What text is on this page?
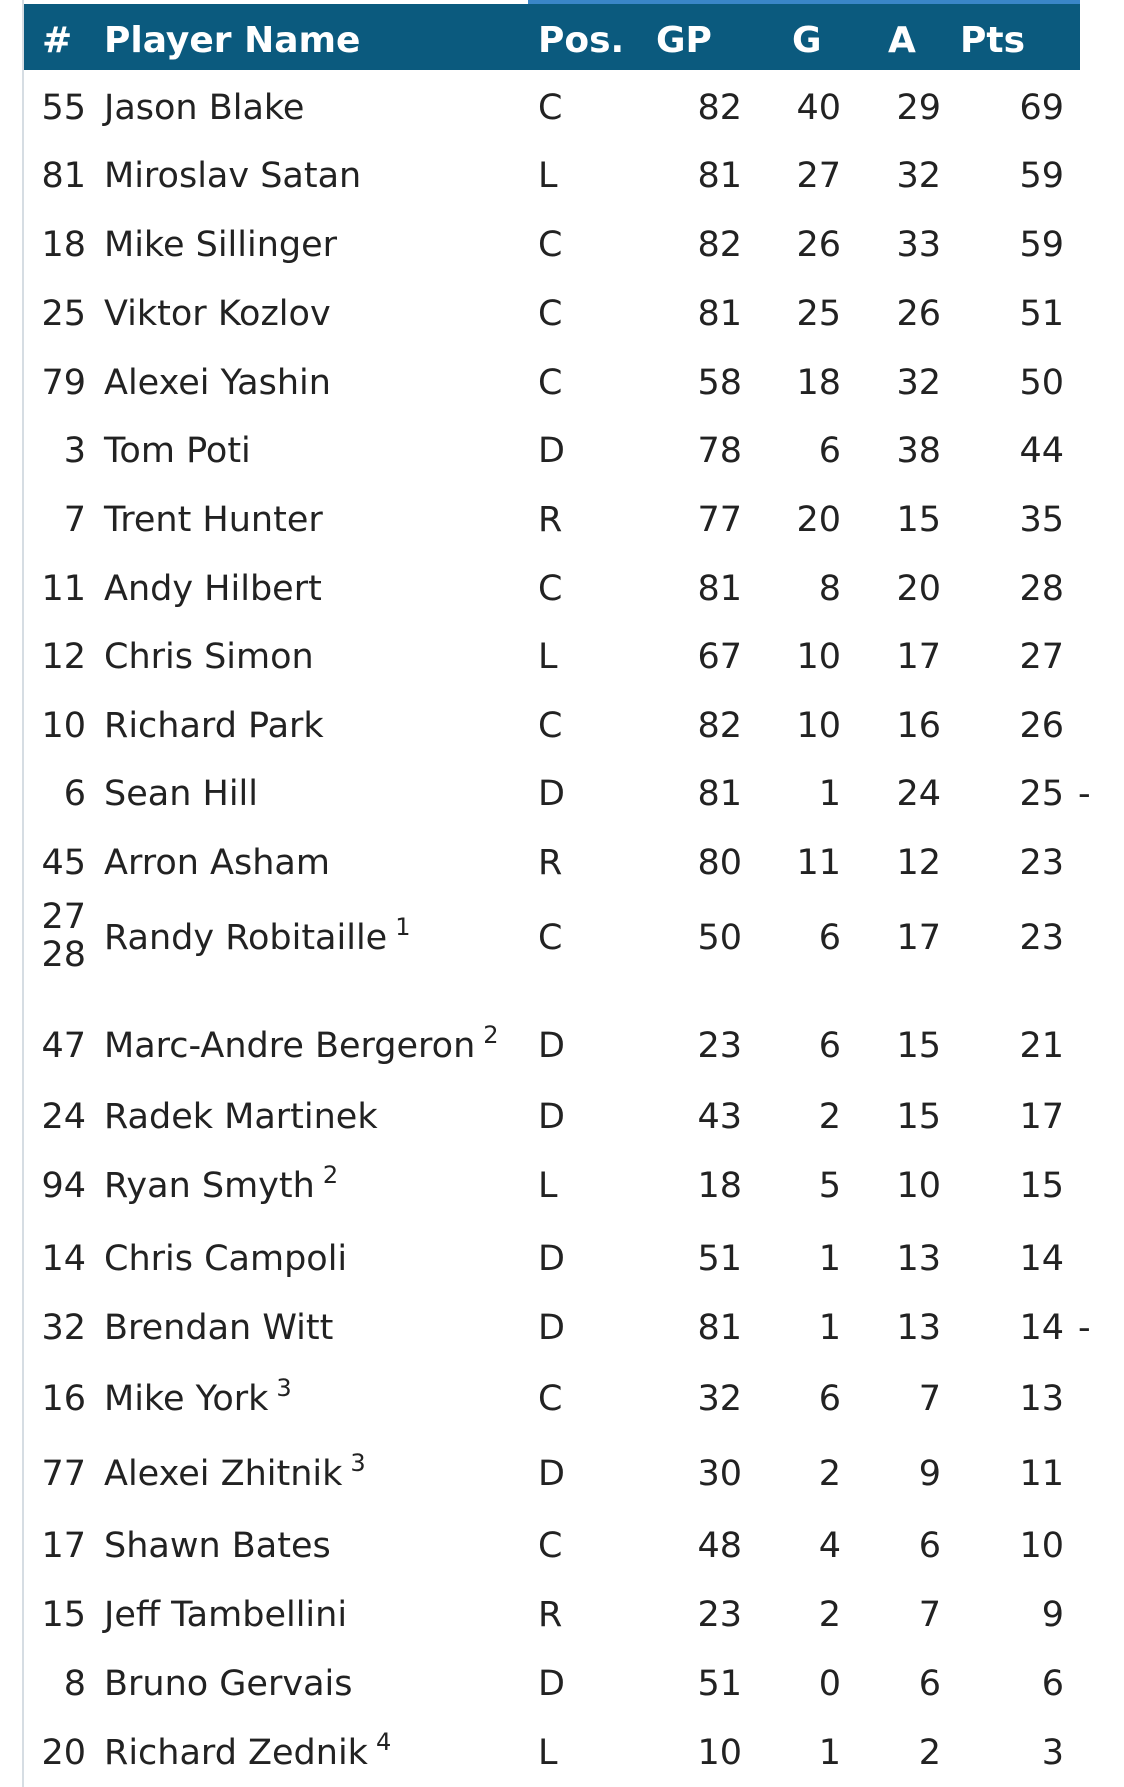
# Player Name	Pos. GP	G	A	Pts	P
55 Jason Blake	C	82	40	29	69
81 Miroslav Satan	L	81	27	32	59
18 Mike Sillinger	C	82	26	33	59
25 Viktor Kozlov	C	81	25	26	51
79 Alexei Yashin	C	58	18	32	50
3 Tom Poti	D	78	6	38	44
7 Trent Hunter	R	77	20	15	35
11 Andy Hilbert	C	81	8	20	28
12 Chris Simon	L	67	10	17	27
10 Richard Park	C	82	10	16	26
6 Sean Hill	D	81	1	24	25 -
45 Arron Asham	R	80	11	12	23
27
28 Randy Robitaille $^1$	C	50	6	17	23
47 Marc-Andre Bergeron $^2$	D	23	6	15	21
24 Radek Martinek	D	43	2	15	17
94 Ryan Smyth $^2$	L	18	5	10	15
14 Chris Campoli	D	51	1	13	14
32 Brendan Witt	D	81	1	13	14 -
16 Mike York $^3$	C	32	6	7	13
77 Alexei Zhitnik $^3$	D	30	2	9	11
17 Shawn Bates	C	48	4	6	10
15 Jeff Tambellini	R	23	2	7	9
8 Bruno Gervais	D	51	0	6	6
20 Richard Zednik $^4$	L	10	1	2	3
